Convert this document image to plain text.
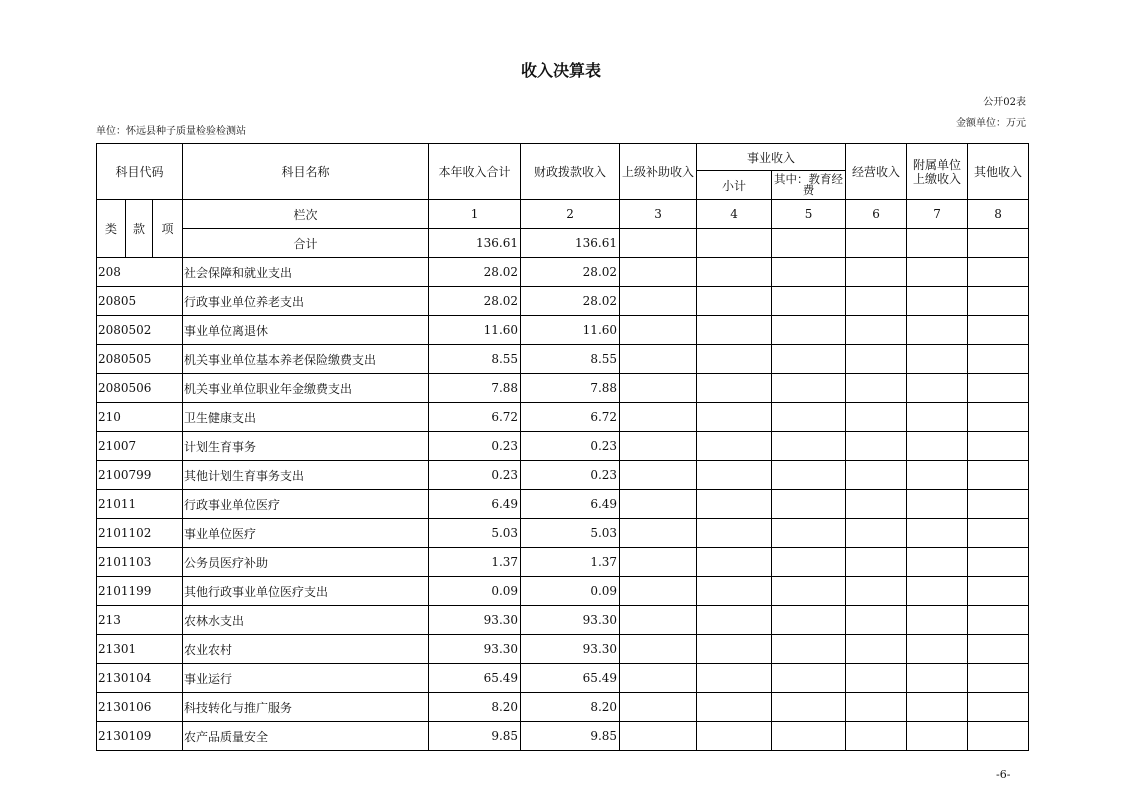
收入决算表
公开02表
金额单位：万元
单位：怀远县种子质量检验检测站
科目代码			科目名称	本年收入合计	财政拨款收入	上级补助收入	事业收入		经营收入	附属单位上缴收入	其他收入
							小计	其中：教育经费			
类	款	项	栏次	1	2	3	4	5	6	7	8
			合计	136.61	136.61						
208			社会保障和就业支出	28.02	28.02						
20805			行政事业单位养老支出	28.02	28.02						
2080502			事业单位离退休	11.60	11.60						
2080505			机关事业单位基本养老保险缴费支出	8.55	8.55						
2080506			机关事业单位职业年金缴费支出	7.88	7.88						
210			卫生健康支出	6.72	6.72						
21007			计划生育事务	0.23	0.23						
2100799			其他计划生育事务支出	0.23	0.23						
21011			行政事业单位医疗	6.49	6.49						
2101102			事业单位医疗	5.03	5.03						
2101103			公务员医疗补助	1.37	1.37						
2101199			其他行政事业单位医疗支出	0.09	0.09						
213			农林水支出	93.30	93.30						
21301			农业农村	93.30	93.30						
2130104			事业运行	65.49	65.49						
2130106			科技转化与推广服务	8.20	8.20						
2130109			农产品质量安全	9.85	9.85						
-6-
